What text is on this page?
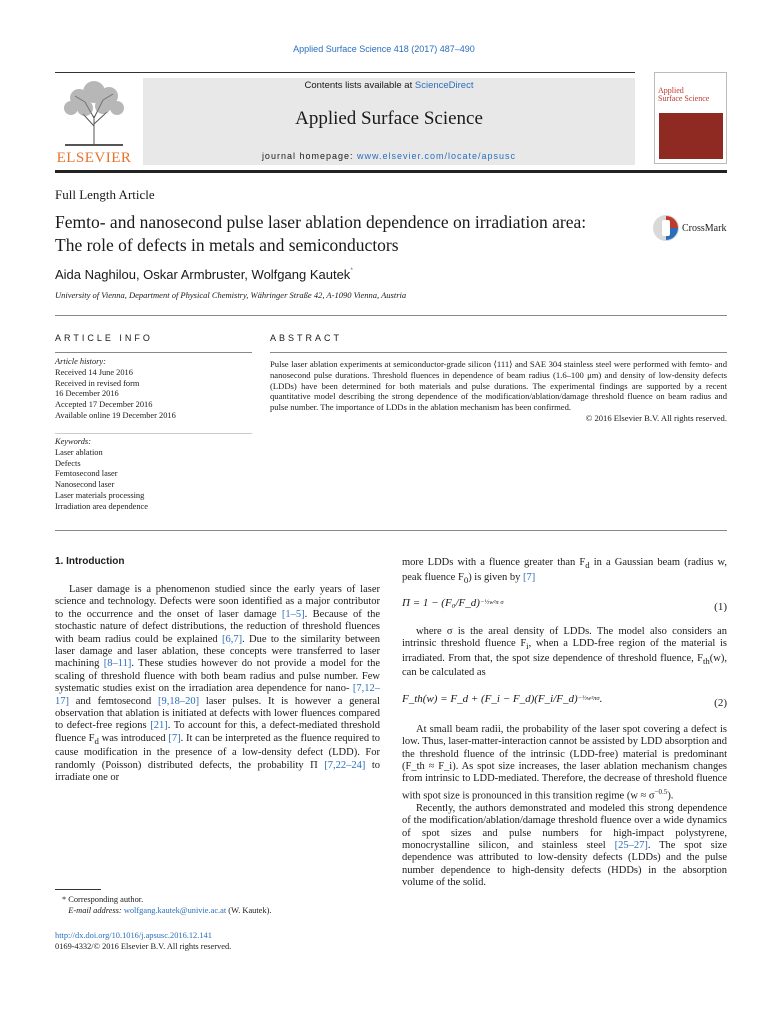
Applied Surface Science 418 (2017) 487–490
ELSEVIER
Contents lists available at ScienceDirect
Applied Surface Science
journal homepage: www.elsevier.com/locate/apsusc
Applied
Surface Science
Full Length Article
Femto- and nanosecond pulse laser ablation dependence on irradiation area: The role of defects in metals and semiconductors
CrossMark
Aida Naghilou, Oskar Armbruster, Wolfgang Kautek*
University of Vienna, Department of Physical Chemistry, Währinger Straße 42, A-1090 Vienna, Austria
ARTICLE INFO
Article history:
Received 14 June 2016
Received in revised form
16 December 2016
Accepted 17 December 2016
Available online 19 December 2016
Keywords:
Laser ablation
Defects
Femtosecond laser
Nanosecond laser
Laser materials processing
Irradiation area dependence
ABSTRACT
Pulse laser ablation experiments at semiconductor-grade silicon ⟨111⟩ and SAE 304 stainless steel were performed with femto- and nanosecond pulse durations. Threshold fluences in dependence of beam radius (1.6–100 μm) and density of low-density defects (LDDs) have been determined for both materials and pulse durations. The experimental findings are supported by a recent quantitative model describing the strong dependence of the modification/ablation/damage threshold fluence on beam radius and pulse number. The importance of LDDs in the ablation mechanism has been confirmed.
© 2016 Elsevier B.V. All rights reserved.
1. Introduction

Laser damage is a phenomenon studied since the early years of laser science and technology. Defects were soon identified as a major contributor to the occurrence and the onset of laser damage [1–5]. Because of the stochastic nature of defect distributions, the reduction of threshold fluences with beam radius could be explained [6,7]. Due to the similarity between laser damage and laser ablation, these concepts were transferred to laser machining [8–11]. These studies however do not provide a model for the scaling of threshold fluence with both beam radius and pulse number. Few systematic studies exist on the irradiation area dependence for nano- [7,12–17] and femtosecond [9,18–20] laser pulses. It is however a general observation that ablation is initiated at defects with lower fluences compared to defect-free regions [21]. To account for this, a defect-mediated threshold fluence $F_d$ was introduced [7]. It can be interpreted as the fluence required to cause modification in the presence of a low-density defect (LDD). For randomly (Poisson) distributed defects, the probability Π [7,22–24] to irradiate one or

* Corresponding author.
E-mail address: wolfgang.kautek@univie.ac.at (W. Kautek).
http://dx.doi.org/10.1016/j.apsusc.2016.12.141
0169-4332/© 2016 Elsevier B.V. All rights reserved.

more LDDs with a fluence greater than $F_d$ in a Gaussian beam (radius w, peak fluence $F_0$) is given by [7]

Π = 1 − (F₀/F_d)$^{-\frac{1}{2}w^2\pi \sigma}$	(1)

where σ is the areal density of LDDs. The model also considers an intrinsic threshold fluence $F_i$, when a LDD-free region of the material is irradiated. From that, the spot size dependence of threshold fluence, $F_{th}(w)$, can be calculated as

F_th(w) = F_d + (F_i − F_d)(F_i/F_d)$^{-\frac{1}{2}w^2\pi\sigma}$.	(2)

At small beam radii, the probability of the laser spot covering a defect is low. Thus, laser-matter-interaction cannot be assisted by LDD absorption and the threshold fluence of the intrinsic (LDD-free) material is predominant (F_th ≈ F_i). As spot size increases, the laser ablation mechanism changes from intrinsic to LDD-mediated. Therefore, the decrease of threshold fluence with spot size is pronounced in this transition regime $(w \approx \sigma^{-0.5})$.

Recently, the authors demonstrated and modeled this strong dependence of the modification/ablation/damage threshold fluence over a wide dynamics of spot sizes and pulse numbers for high-impact polystyrene, monocrystalline silicon, and stainless steel [25–27]. The spot size dependence was attributed to low-density defects (LDDs) and the pulse number dependence to high-density defects (HDDs) in the absorption volume of the solid.
